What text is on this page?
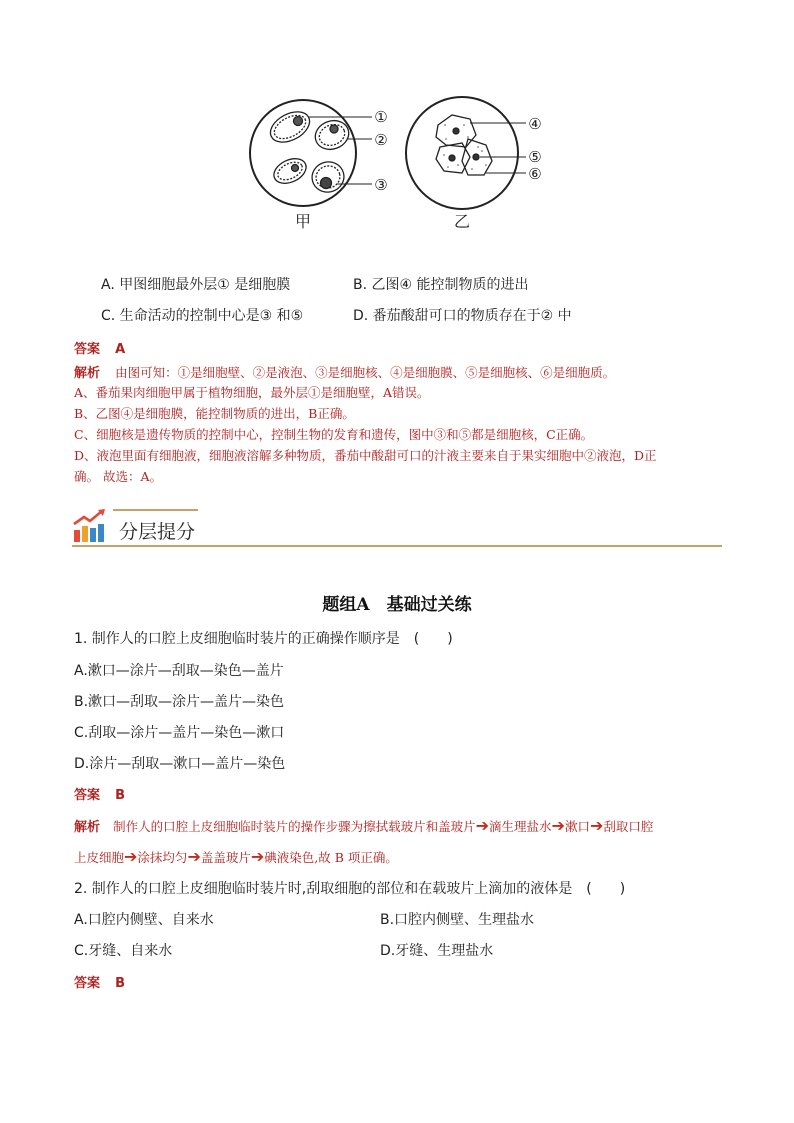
①
②
③
甲
④
⑤
⑥
乙
A. 甲图细胞最外层① 是细胞膜	B. 乙图④ 能控制物质的进出
C. 生命活动的控制中心是③ 和⑤	D. 番茄酸甜可口的物质存在于② 中
答案 A
解析 由图可知：①是细胞壁、②是液泡、③是细胞核、④是细胞膜、⑤是细胞核、⑥是细胞质。
A、番茄果肉细胞甲属于植物细胞，最外层①是细胞壁，A错误。
B、乙图④是细胞膜，能控制物质的进出，B正确。
C、细胞核是遗传物质的控制中心，控制生物的发育和遗传，图中③和⑤都是细胞核，C正确。
D、液泡里面有细胞液，细胞液溶解多种物质，番茄中酸甜可口的汁液主要来自于果实细胞中②液泡，D正
确。 故选：A。
分层提分
题组A　基础过关练
1. 制作人的口腔上皮细胞临时装片的正确操作顺序是　(　　)
A.漱口—涂片—刮取—染色—盖片
B.漱口—刮取—涂片—盖片—染色
C.刮取—涂片—盖片—染色—漱口
D.涂片—刮取—漱口—盖片—染色
答案 B
解析 制作人的口腔上皮细胞临时装片的操作步骤为擦拭载玻片和盖玻片➔滴生理盐水➔漱口➔刮取口腔
上皮细胞➔涂抹均匀➔盖盖玻片➔碘液染色,故 B 项正确。
2. 制作人的口腔上皮细胞临时装片时,刮取细胞的部位和在载玻片上滴加的液体是　(　　)
A.口腔内侧壁、自来水	B.口腔内侧壁、生理盐水
C.牙缝、自来水	D.牙缝、生理盐水
答案 B
